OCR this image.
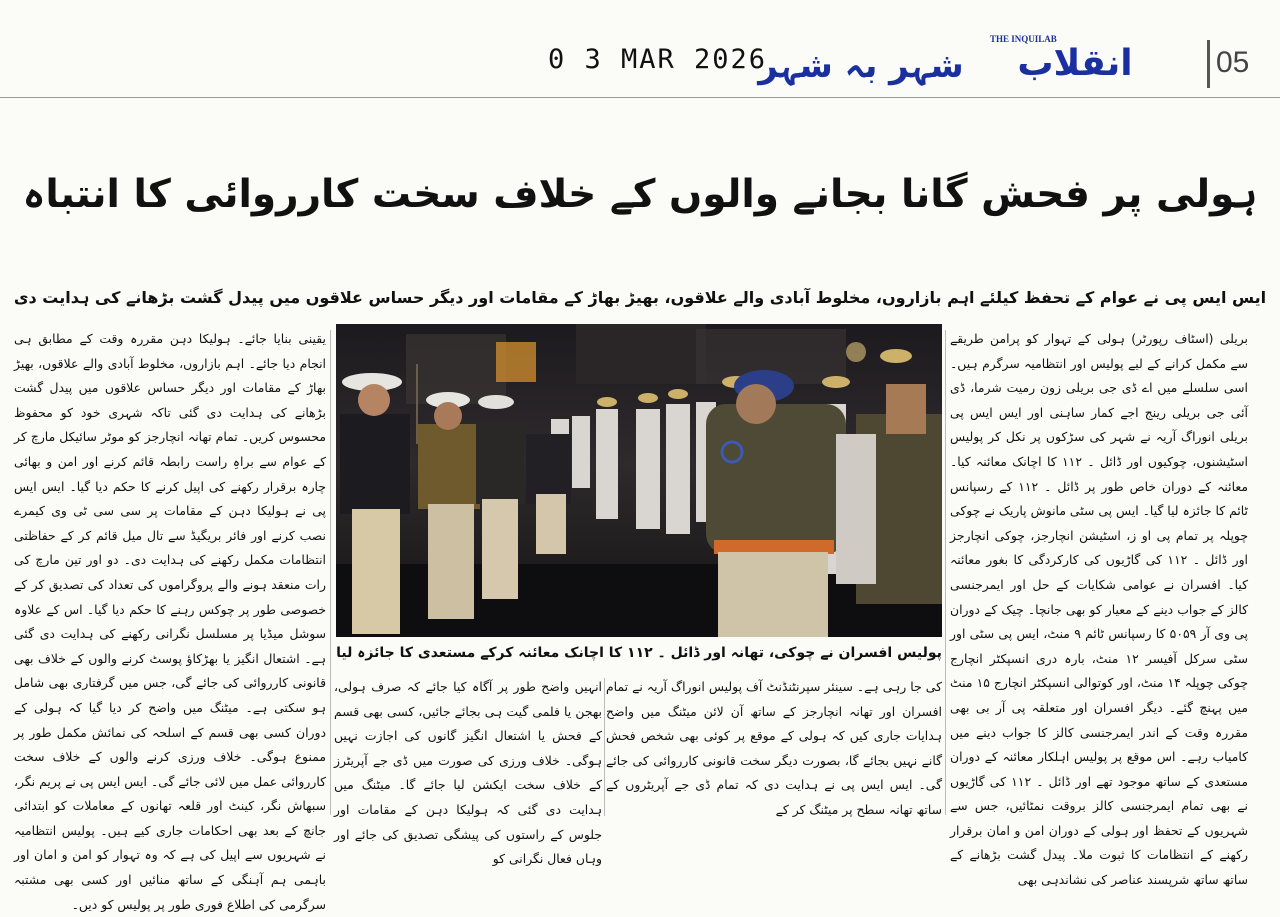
0 3 MAR 2026
شہر بہ شہر
THE INQUILAB
انقلاب	05
ہولی پر فحش گانا بجانے والوں کے خلاف سخت کارروائی کا انتباہ
ایس ایس پی نے عوام کے تحفظ کیلئے اہم بازاروں، مخلوط آبادی والے علاقوں، بھیڑ بھاڑ کے مقامات اور دیگر حساس علاقوں میں پیدل گشت بڑھانے کی ہدایت دی
بریلی (اسٹاف رپورٹر) ہولی کے تہوار کو پرامن طریقے سے مکمل کرانے کے لیے پولیس اور انتظامیہ سرگرم ہیں۔ اسی سلسلے میں اے ڈی جی بریلی زون رمیت شرما، ڈی آئی جی بریلی رینج اجے کمار ساہنی اور ایس ایس پی بریلی انوراگ آریہ نے شہر کی سڑکوں پر نکل کر پولیس اسٹیشنوں، چوکیوں اور ڈائل ۔ ۱۱۲ کا اچانک معائنہ کیا۔ معائنہ کے دوران خاص طور پر ڈائل ۔ ۱۱۲ کے رسپانس ٹائم کا جائزہ لیا گیا۔ ایس پی سٹی مانوش پاریک نے چوکی چوپلہ پر تمام پی او ز، اسٹیشن انچارجز، چوکی انچارجز اور ڈائل ۔ ۱۱۲ کی گاڑیوں کی کارکردگی کا بغور معائنہ کیا۔ افسران نے عوامی شکایات کے حل اور ایمرجنسی کالز کے جواب دینے کے معیار کو بھی جانچا۔ چیک کے دوران پی وی آر ۵۰۵۹ کا رسپانس ٹائم ۹ منٹ، ایس پی سٹی اور سٹی سرکل آفیسر ۱۲ منٹ، بارہ دری انسپکٹر انچارج چوکی چوپلہ ۱۴ منٹ، اور کوتوالی انسپکٹر انچارج ۱۵ منٹ میں پہنچ گئے۔ دیگر افسران اور متعلقہ پی آر بی بھی مقررہ وقت کے اندر ایمرجنسی کالز کا جواب دینے میں کامیاب رہے۔ اس موقع پر پولیس اہلکار معائنہ کے دوران مستعدی کے ساتھ موجود تھے اور ڈائل ۔ ۱۱۲ کی گاڑیوں نے بھی تمام ایمرجنسی کالز بروقت نمٹائیں، جس سے شہریوں کے تحفظ اور ہولی کے دوران امن و امان برقرار رکھنے کے انتظامات کا ثبوت ملا۔ پیدل گشت بڑھانے کے ساتھ ساتھ شرپسند عناصر کی نشاندہی بھی
یقینی بنایا جائے۔ ہولیکا دہن مقررہ وقت کے مطابق ہی انجام دیا جائے۔ اہم بازاروں، مخلوط آبادی والے علاقوں، بھیڑ بھاڑ کے مقامات اور دیگر حساس علاقوں میں پیدل گشت بڑھانے کی ہدایت دی گئی تاکہ شہری خود کو محفوظ محسوس کریں۔ تمام تھانہ انچارجز کو موٹر سائیکل مارچ کر کے عوام سے براہِ راست رابطہ قائم کرنے اور امن و بھائی چارہ برقرار رکھنے کی اپیل کرنے کا حکم دیا گیا۔ ایس ایس پی نے ہولیکا دہن کے مقامات پر سی سی ٹی وی کیمرے نصب کرنے اور فائر بریگیڈ سے تال میل قائم کر کے حفاظتی انتظامات مکمل رکھنے کی ہدایت دی۔ دو اور تین مارچ کی رات منعقد ہونے والے پروگراموں کی تعداد کی تصدیق کر کے خصوصی طور پر چوکس رہنے کا حکم دیا گیا۔ اس کے علاوہ سوشل میڈیا پر مسلسل نگرانی رکھنے کی ہدایت دی گئی ہے۔ اشتعال انگیز یا بھڑکاؤ پوسٹ کرنے والوں کے خلاف بھی قانونی کارروائی کی جائے گی، جس میں گرفتاری بھی شامل ہو سکتی ہے۔ میٹنگ میں واضح کر دیا گیا کہ ہولی کے دوران کسی بھی قسم کے اسلحہ کی نمائش مکمل طور پر ممنوع ہوگی۔ خلاف ورزی کرنے والوں کے خلاف سخت کارروائی عمل میں لائی جائے گی۔ ایس ایس پی نے پریم نگر، سبھاش نگر، کینٹ اور قلعہ تھانوں کے معاملات کو ابتدائی جانچ کے بعد بھی احکامات جاری کیے ہیں۔ پولیس انتظامیہ نے شہریوں سے اپیل کی ہے کہ وہ تہوار کو امن و امان اور باہمی ہم آہنگی کے ساتھ منائیں اور کسی بھی مشتبہ سرگرمی کی اطلاع فوری طور پر پولیس کو دیں۔
کی جا رہی ہے۔ سینئر سپرنٹنڈنٹ آف پولیس انوراگ آریہ نے تمام افسران اور تھانہ انچارجز کے ساتھ آن لائن میٹنگ میں واضح ہدایات جاری کیں کہ ہولی کے موقع پر کوئی بھی شخص فحش گانے نہیں بجائے گا، بصورت دیگر سخت قانونی کارروائی کی جائے گی۔ ایس ایس پی نے ہدایت دی کہ تمام ڈی جے آپریٹروں کے ساتھ تھانہ سطح پر میٹنگ کر کے
انہیں واضح طور پر آگاہ کیا جائے کہ صرف ہولی، بھجن یا فلمی گیت ہی بجائے جائیں، کسی بھی قسم کے فحش یا اشتعال انگیز گانوں کی اجازت نہیں ہوگی۔ خلاف ورزی کی صورت میں ڈی جے آپریٹرز کے خلاف سخت ایکشن لیا جائے گا۔ میٹنگ میں ہدایت دی گئی کہ ہولیکا دہن کے مقامات اور جلوس کے راستوں کی پیشگی تصدیق کی جائے اور وہاں فعال نگرانی کو
پولیس افسران نے چوکی، تھانہ اور ڈائل ۔ ۱۱۲ کا اچانک معائنہ کرکے مستعدی کا جائزہ لیا
